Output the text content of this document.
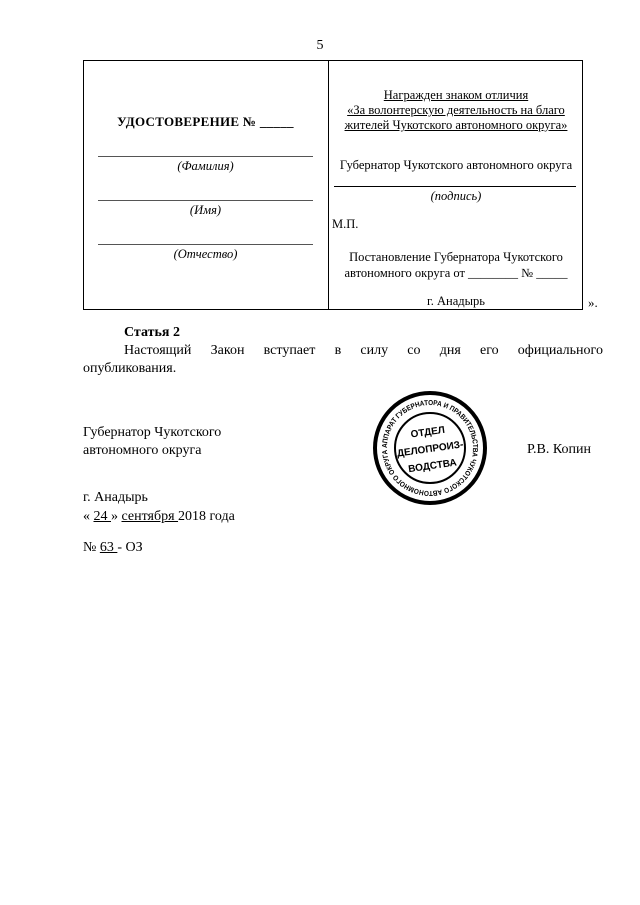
5
УДОСТОВЕРЕНИЕ № _____
(Фамилия)
(Имя)
(Отчество)
Награжден знаком отличия
«За волонтерскую деятельность на благо
жителей Чукотского автономного округа»
Губернатор Чукотского автономного округа
(подпись)
М.П.
Постановление Губернатора Чукотского
автономного округа от ________ № _____
г. Анадырь	».
Статья 2
Настоящий Закон вступает в силу со дня его официального
опубликования.
Губернатор Чукотского
автономного округа	Р.В. Копин
АППАРАТ ГУБЕРНАТОРА И ПРАВИТЕЛЬСТВА ЧУКОТСКОГО АВТОНОМНОГО ОКРУГА
ОТДЕЛ
ДЕЛОПРОИЗ-
ВОДСТВА
г. Анадырь
« 24 » сентября 2018 года
№ 63 - ОЗ
